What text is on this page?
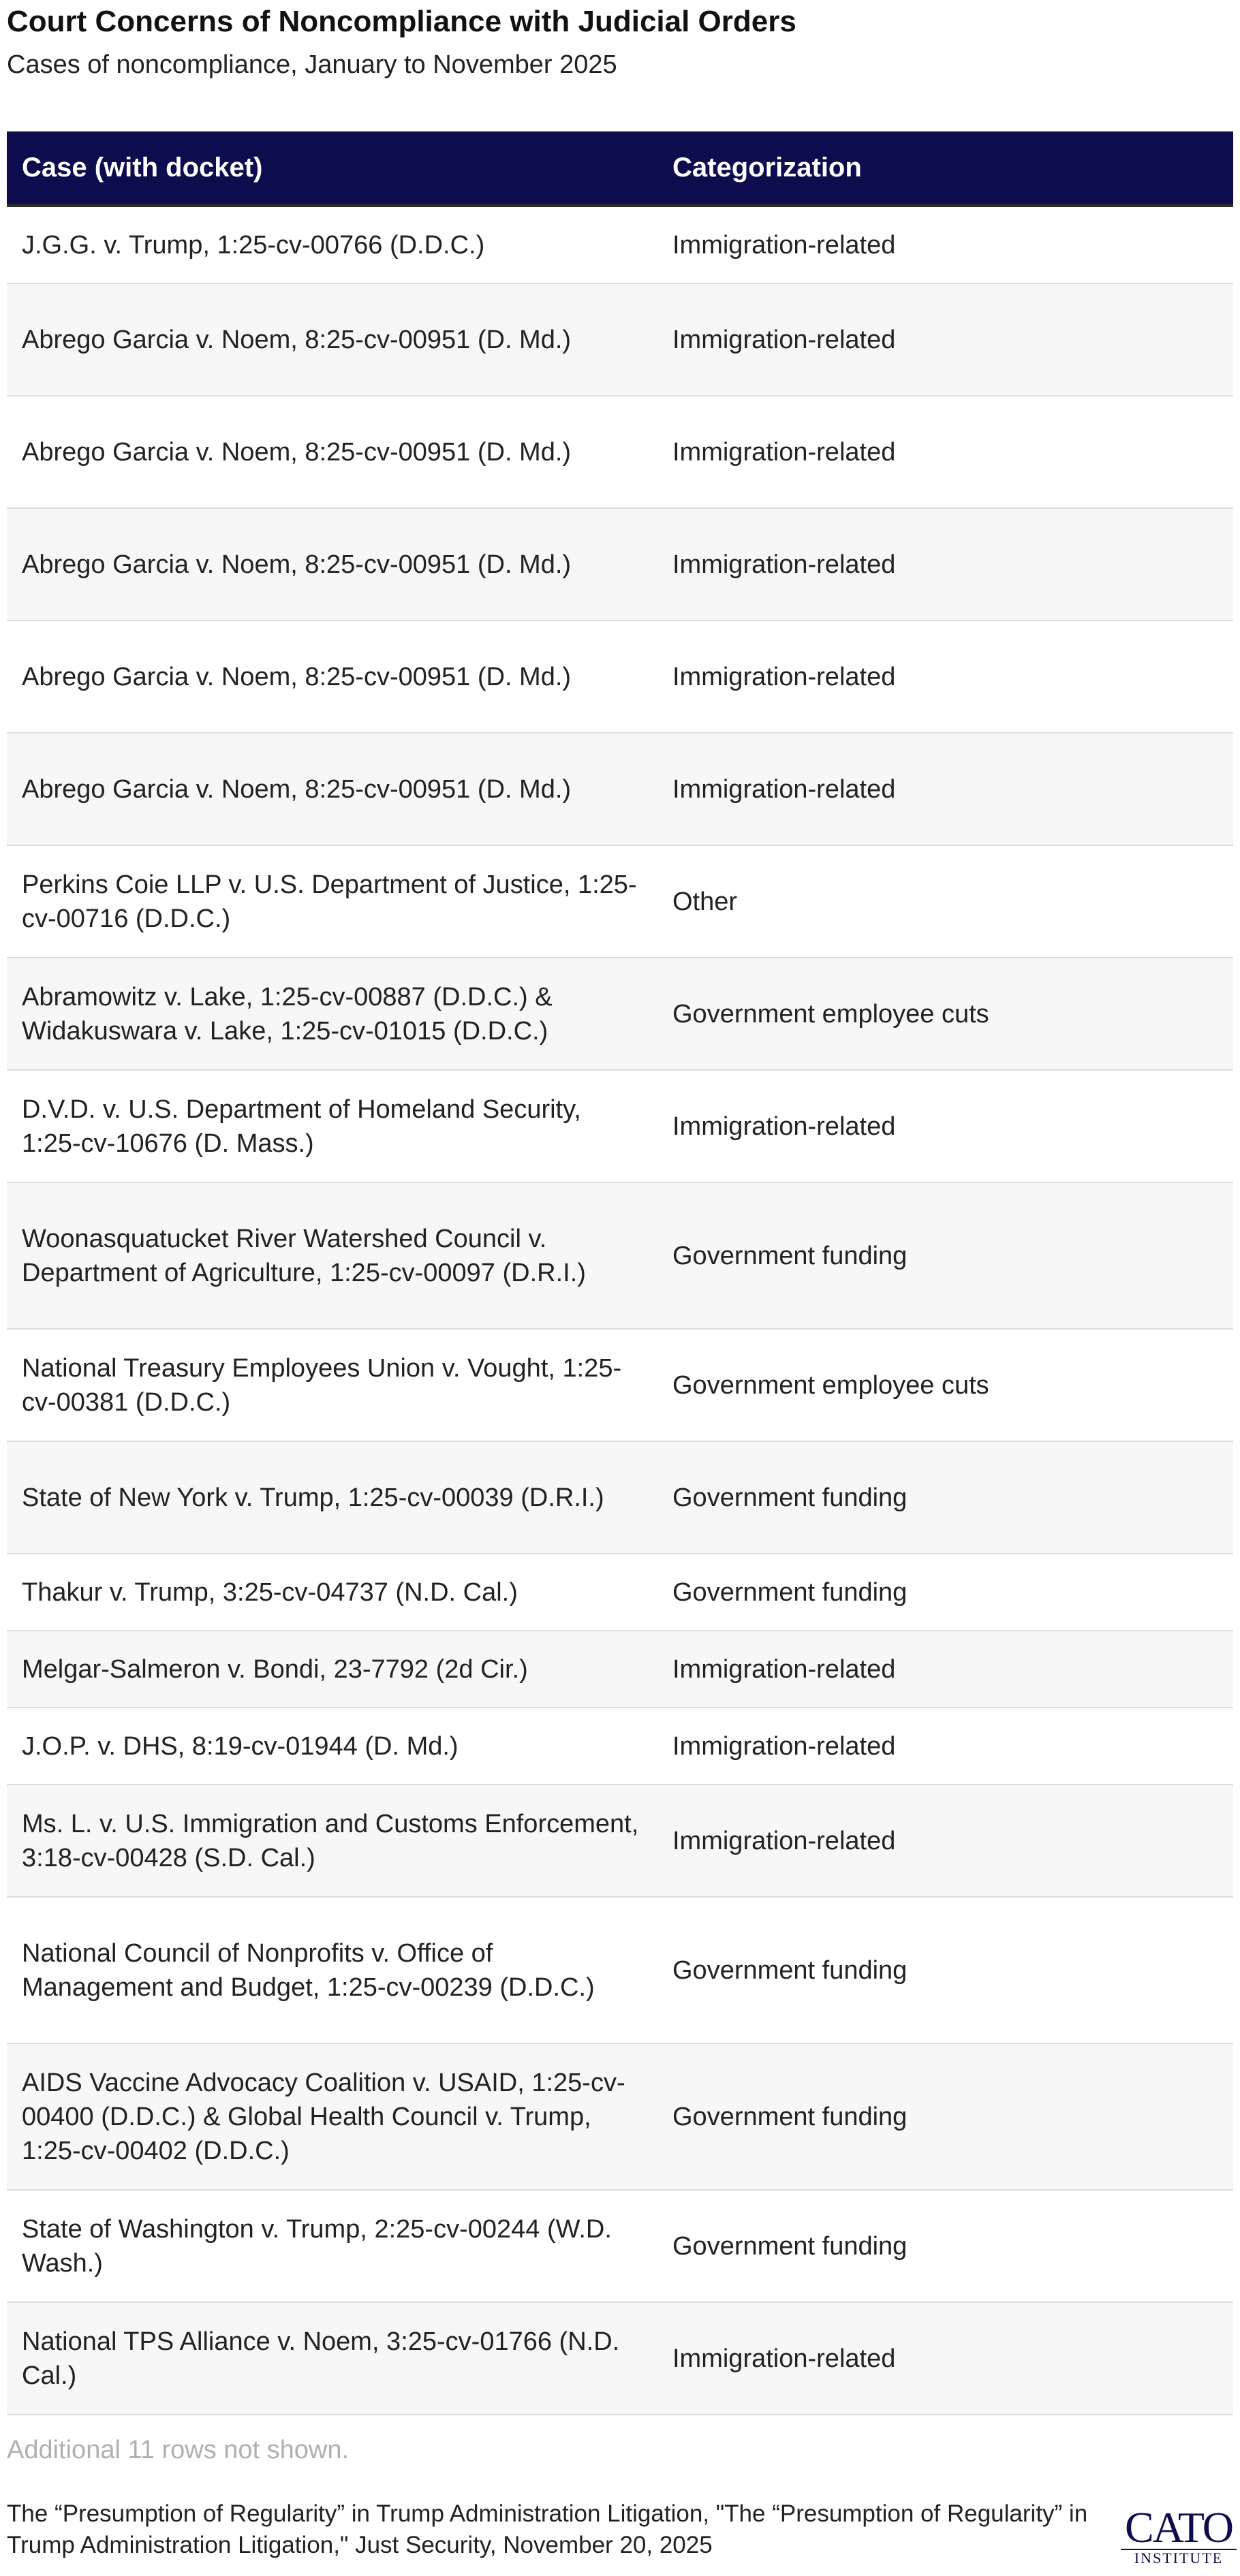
Court Concerns of Noncompliance with Judicial Orders
Cases of noncompliance, January to November 2025
Case (with docket)	Categorization
J.G.G. v. Trump, 1:25-cv-00766 (D.D.C.)	Immigration-related
Abrego Garcia v. Noem, 8:25-cv-00951 (D. Md.)	Immigration-related
Abrego Garcia v. Noem, 8:25-cv-00951 (D. Md.)	Immigration-related
Abrego Garcia v. Noem, 8:25-cv-00951 (D. Md.)	Immigration-related
Abrego Garcia v. Noem, 8:25-cv-00951 (D. Md.)	Immigration-related
Abrego Garcia v. Noem, 8:25-cv-00951 (D. Md.)	Immigration-related
Perkins Coie LLP v. U.S. Department of Justice, 1:25-cv-00716 (D.D.C.)	Other
Abramowitz v. Lake, 1:25-cv-00887 (D.D.C.) & Widakuswara v. Lake, 1:25-cv-01015 (D.D.C.)	Government employee cuts
D.V.D. v. U.S. Department of Homeland Security, 1:25-cv-10676 (D. Mass.)	Immigration-related
Woonasquatucket River Watershed Council v. Department of Agriculture, 1:25-cv-00097 (D.R.I.)	Government funding
National Treasury Employees Union v. Vought, 1:25-cv-00381 (D.D.C.)	Government employee cuts
State of New York v. Trump, 1:25-cv-00039 (D.R.I.)	Government funding
Thakur v. Trump, 3:25-cv-04737 (N.D. Cal.)	Government funding
Melgar-Salmeron v. Bondi, 23-7792 (2d Cir.)	Immigration-related
J.O.P. v. DHS, 8:19-cv-01944 (D. Md.)	Immigration-related
Ms. L. v. U.S. Immigration and Customs Enforcement, 3:18-cv-00428 (S.D. Cal.)	Immigration-related
National Council of Nonprofits v. Office of Management and Budget, 1:25-cv-00239 (D.D.C.)	Government funding
AIDS Vaccine Advocacy Coalition v. USAID, 1:25-cv-00400 (D.D.C.) & Global Health Council v. Trump, 1:25-cv-00402 (D.D.C.)	Government funding
State of Washington v. Trump, 2:25-cv-00244 (W.D. Wash.)	Government funding
National TPS Alliance v. Noem, 3:25-cv-01766 (N.D. Cal.)	Immigration-related
Additional 11 rows not shown.
The “Presumption of Regularity” in Trump Administration Litigation, "The “Presumption of Regularity” in Trump Administration Litigation," Just Security, November 20, 2025	CATO
INSTITUTE
